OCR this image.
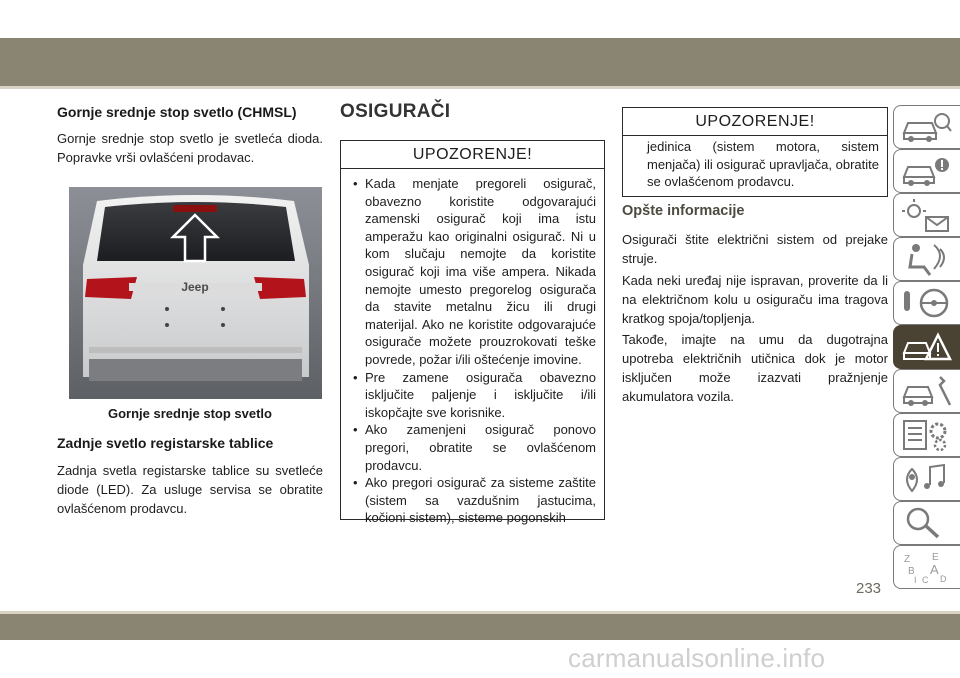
Gornje srednje stop svetlo (CHMSL)

Gornje srednje stop svetlo je svetleća dioda. Popravke vrši ovlašćeni prodavac.

Jeep
Gornje srednje stop svetlo
Zadnje svetlo registarske tablice

Zadnja svetla registarske tablice su svetleće diode (LED). Za usluge servisa se obratite ovlašćenom prodavcu.

OSIGURAČI
UPOZORENJE!
• Kada menjate pregoreli osigurač, obavezno koristite odgovarajući zamenski osigurač koji ima istu amperažu kao originalni osigurač. Ni u kom slučaju nemojte da koristite osigurač koji ima više ampera. Nikada nemojte umesto pregorelog osigurača da stavite metalnu žicu ili drugi materijal. Ako ne koristite odgovarajuće osigurače možete prouzrokovati teške povrede, požar i/ili oštećenje imovine.
• Pre zamene osigurača obavezno isključite paljenje i isključite i/ili iskopčajte sve korisnike.
• Ako zamenjeni osigurač ponovo pregori, obratite se ovlašćenom prodavcu.
• Ako pregori osigurač za sisteme zaštite (sistem sa vazdušnim jastucima, kočioni sistem), sisteme pogonskih
UPOZORENJE!

jedinica (sistem motora, sistem menjača) ili osigurač upravljača, obratite se ovlašćenom prodavcu.

Opšte informacije

Osigurači štite električni sistem od prejake struje.

Kada neki uređaj nije ispravan, proverite da li na električnom kolu u osiguraču ima tragova kratkog spoja/topljenja.

Takođe, imajte na umu da dugotrajna upotreba električnih utičnica dok je motor isključen može izazvati pražnjenje akumulatora vozila.

Z E
B A
I C D
233
carmanualsonline.info
